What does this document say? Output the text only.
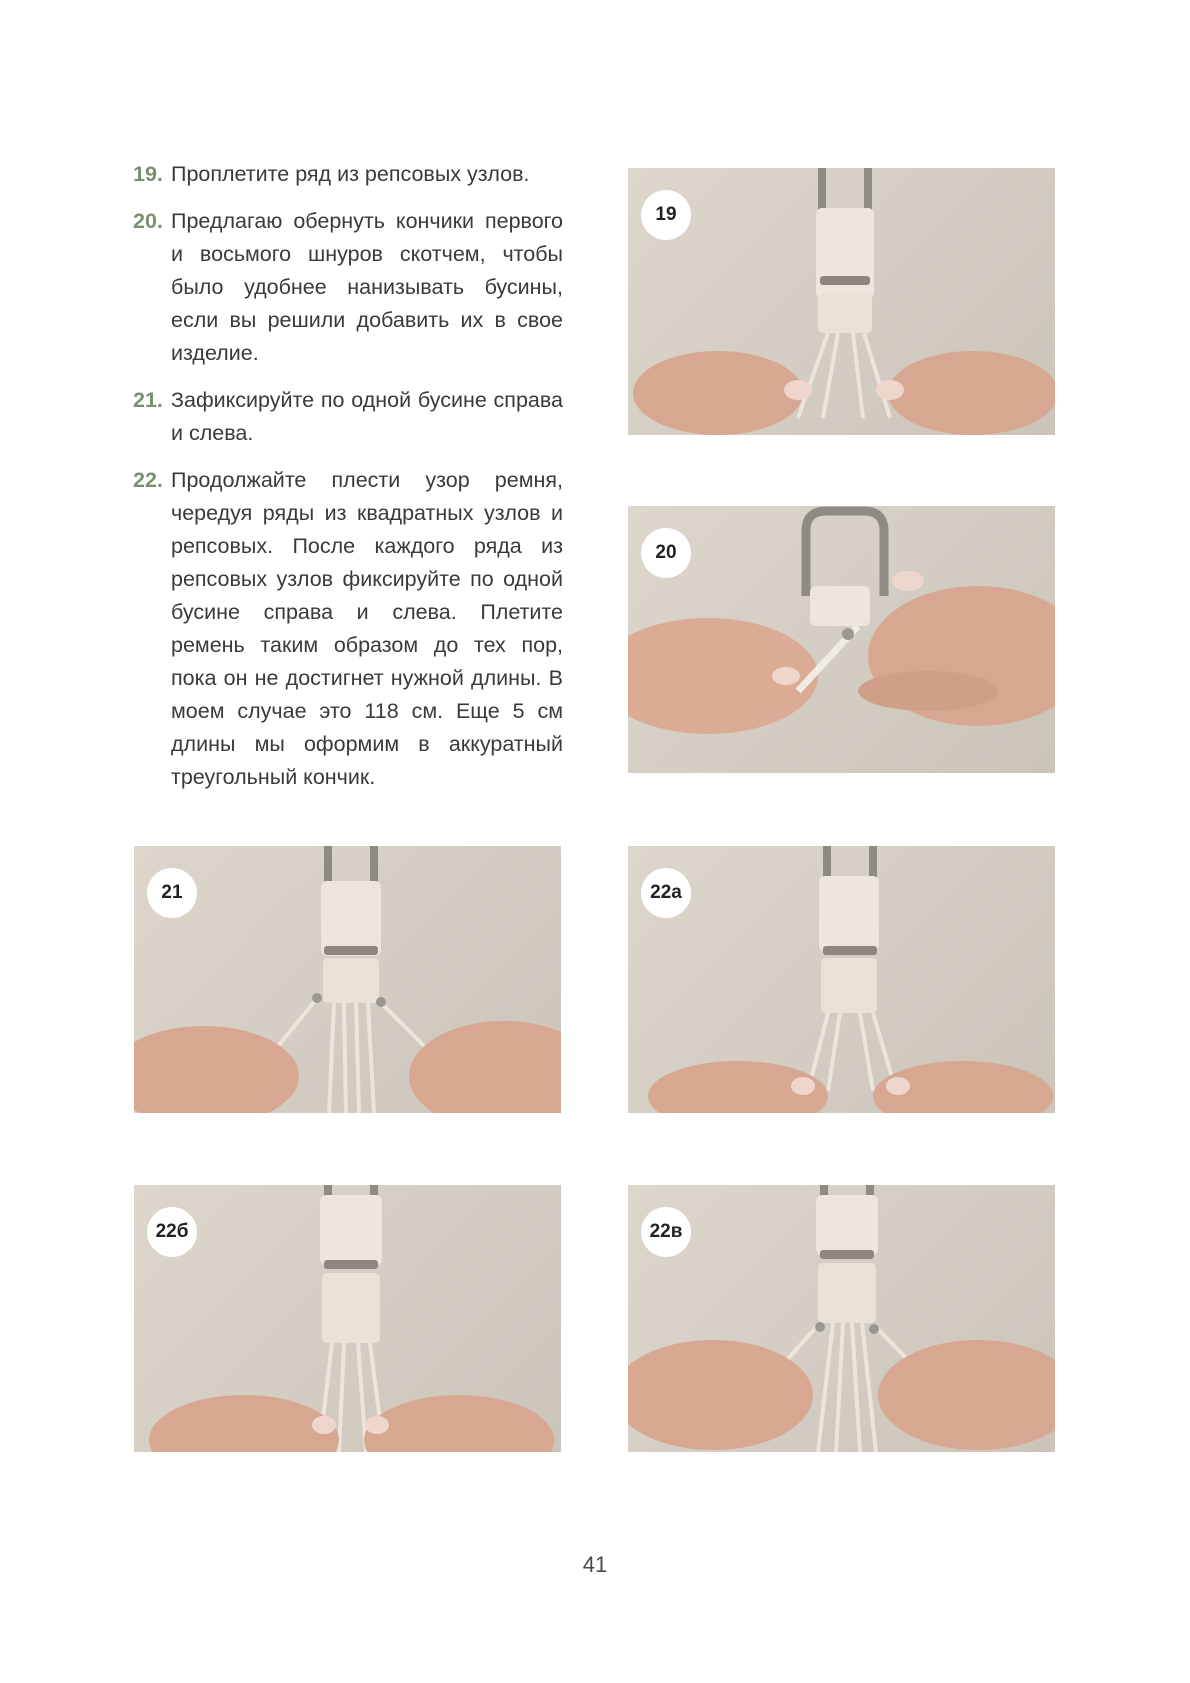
19. Проплетите ряд из репсовых узлов.
20. Предлагаю обернуть кончики первого и восьмого шнуров скотчем, чтобы было удобнее нанизывать бусины, если вы решили добавить их в свое изделие.
21. Зафиксируйте по одной бусине справа и слева.
22. Продолжайте плести узор ремня, чередуя ряды из квадратных узлов и репсовых. После каждого ряда из репсовых узлов фиксируйте по одной бусине справа и слева. Плетите ремень таким образом до тех пор, пока он не достигнет нужной длины. В моем случае это 118 см. Еще 5 см длины мы оформим в аккуратный треугольный кончик.
19
20
21	22а
22б	22в
41
